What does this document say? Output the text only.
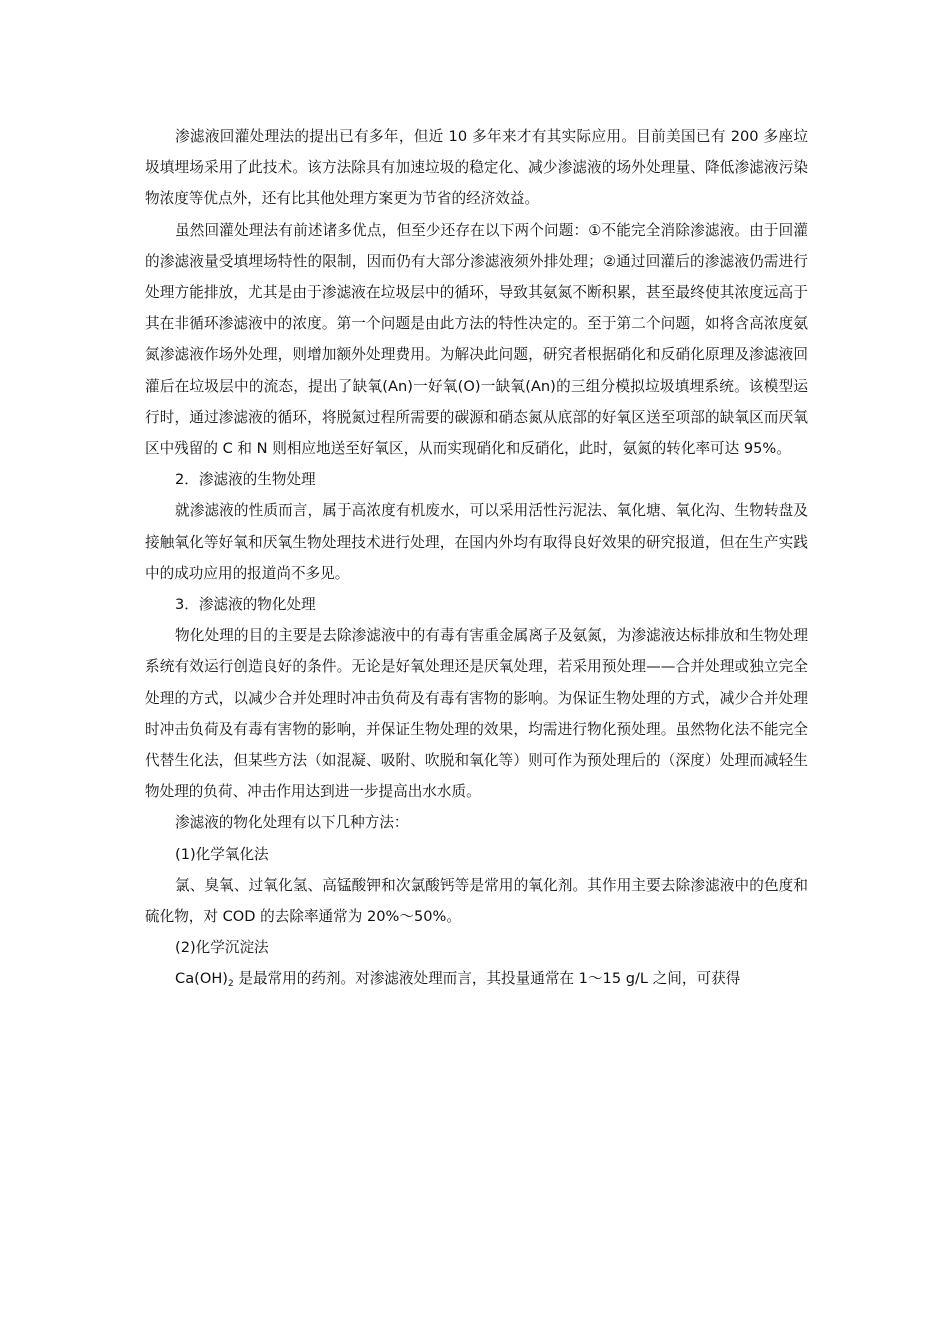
渗滤液回灌处理法的提出已有多年，但近 10 多年来才有其实际应用。目前美国已有 200 多座垃圾填埋场采用了此技术。该方法除具有加速垃圾的稳定化、减少渗滤液的场外处理量、降低渗滤液污染物浓度等优点外，还有比其他处理方案更为节省的经济效益。

虽然回灌处理法有前述诸多优点，但至少还存在以下两个问题：①不能完全消除渗滤液。由于回灌的渗滤液量受填埋场特性的限制，因而仍有大部分渗滤液须外排处理；②通过回灌后的渗滤液仍需进行处理方能排放，尤其是由于渗滤液在垃圾层中的循环，导致其氨氮不断积累，甚至最终使其浓度远高于其在非循环渗滤液中的浓度。第一个问题是由此方法的特性决定的。至于第二个问题，如将含高浓度氨氮渗滤液作场外处理，则增加额外处理费用。为解决此问题，研究者根据硝化和反硝化原理及渗滤液回灌后在垃圾层中的流态，提出了缺氧(An)一好氧(O)一缺氧(An)的三组分模拟垃圾填埋系统。该模型运行时，通过渗滤液的循环，将脱氮过程所需要的碳源和硝态氮从底部的好氧区送至项部的缺氧区而厌氧区中残留的 C 和 N 则相应地送至好氧区，从而实现硝化和反硝化，此时，氨氮的转化率可达 95%。

2．渗滤液的生物处理

就渗滤液的性质而言，属于高浓度有机废水，可以采用活性污泥法、氧化塘、氧化沟、生物转盘及接触氧化等好氧和厌氧生物处理技术进行处理，在国内外均有取得良好效果的研究报道，但在生产实践中的成功应用的报道尚不多见。

3．渗滤液的物化处理

物化处理的目的主要是去除渗滤液中的有毒有害重金属离子及氨氮，为渗滤液达标排放和生物处理系统有效运行创造良好的条件。无论是好氧处理还是厌氧处理，若采用预处理——合并处理或独立完全处理的方式，以减少合并处理时冲击负荷及有毒有害物的影响。为保证生物处理的方式，减少合并处理时冲击负荷及有毒有害物的影响，并保证生物处理的效果，均需进行物化预处理。虽然物化法不能完全代替生化法，但某些方法（如混凝、吸附、吹脱和氧化等）则可作为预处理后的（深度）处理而减轻生物处理的负荷、冲击作用达到进一步提高出水水质。

渗滤液的物化处理有以下几种方法：

(1)化学氧化法

氯、臭氧、过氧化氢、高锰酸钾和次氯酸钙等是常用的氧化剂。其作用主要去除渗滤液中的色度和硫化物，对 COD 的去除率通常为 20%～50%。

(2)化学沉淀法

$Ca(OH)_2$ 是最常用的药剂。对渗滤液处理而言，其投量通常在 1～15 g/L 之间，可获得
